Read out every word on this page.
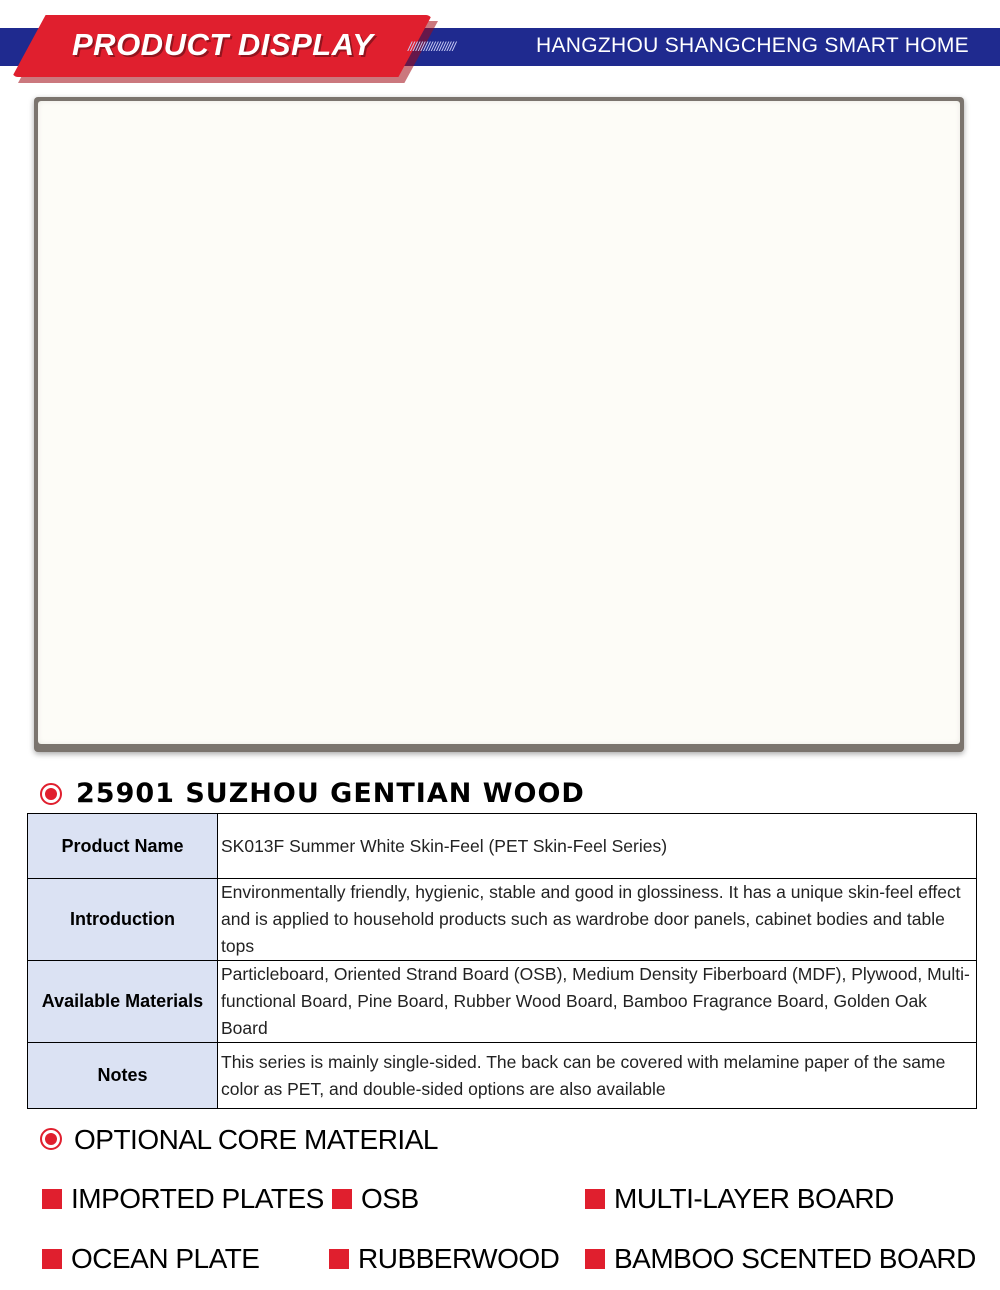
PRODUCT DISPLAY	//////////////////	HANGZHOU SHANGCHENG SMART HOME
25901 SUZHOU GENTIAN WOOD
Product Name	SK013F Summer White Skin-Feel (PET Skin-Feel Series)
Introduction	Environmentally friendly, hygienic, stable and good in glossiness. It has a unique skin-feel effect and is applied to household products such as wardrobe door panels, cabinet bodies and table tops
Available Materials	Particleboard, Oriented Strand Board (OSB), Medium Density Fiberboard (MDF), Plywood, Multi-functional Board, Pine Board, Rubber Wood Board, Bamboo Fragrance Board, Golden Oak Board
Notes	This series is mainly single-sided. The back can be covered with melamine paper of the same color as PET, and double-sided options are also available
OPTIONAL CORE MATERIAL
IMPORTED PLATES OSB	MULTI-LAYER BOARD
OCEAN PLATE	RUBBERWOOD BAMBOO SCENTED BOARD
